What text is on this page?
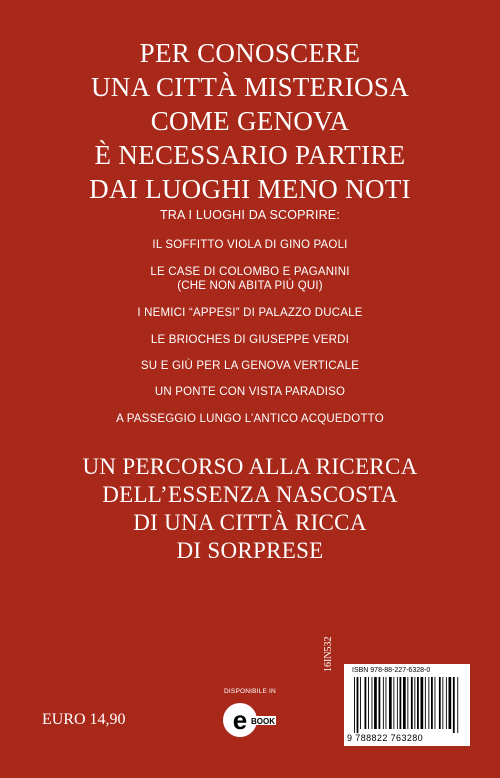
PER CONOSCERE
UNA CITTÀ MISTERIOSA
COME GENOVA
È NECESSARIO PARTIRE
DAI LUOGHI MENO NOTI
TRA I LUOGHI DA SCOPRIRE:
IL SOFFITTO VIOLA DI GINO PAOLI
LE CASE DI COLOMBO E PAGANINI
(CHE NON ABITA PIÙ QUI)
I NEMICI “APPESI” DI PALAZZO DUCALE
LE BRIOCHES DI GIUSEPPE VERDI
SU E GIÙ PER LA GENOVA VERTICALE
UN PONTE CON VISTA PARADISO
A PASSEGGIO LUNGO L’ANTICO ACQUEDOTTO
UN PERCORSO ALLA RICERCA
DELL’ESSENZA NASCOSTA
DI UNA CITTÀ RICCA
DI SORPRESE
EURO 14,90
DISPONIBILE IN
e BOOK
16IN532	ISBN 978-88-227-6328-0
9 788822 763280
